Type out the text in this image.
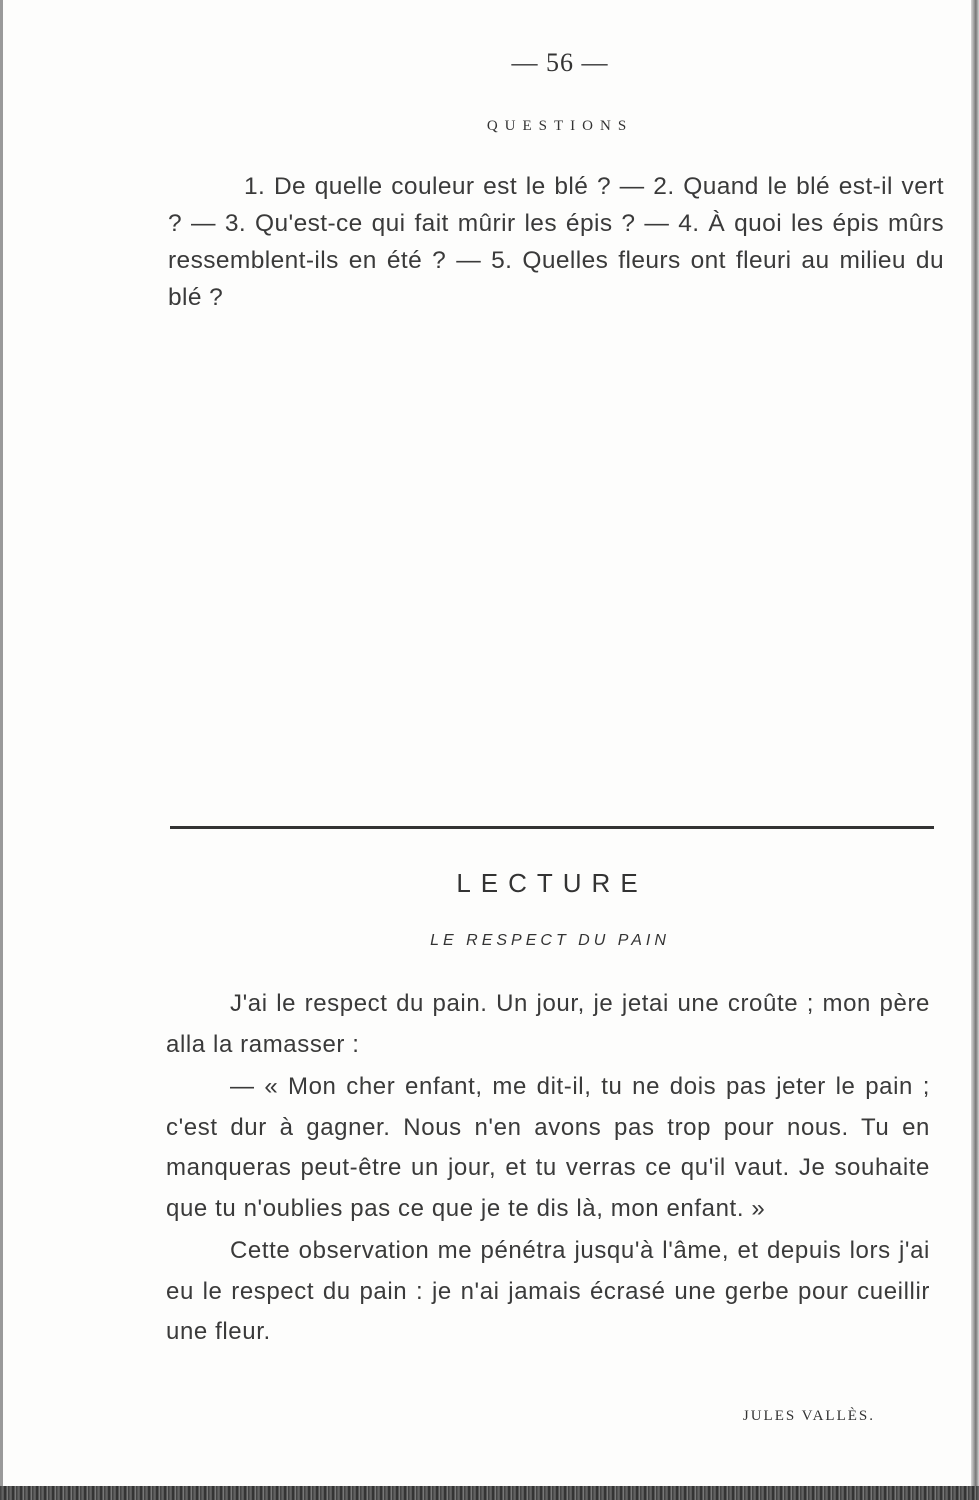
— 56 —
QUESTIONS
1. De quelle couleur est le blé ? — 2. Quand le blé est-il vert ? — 3. Qu'est-ce qui fait mûrir les épis ? — 4. À quoi les épis mûrs ressemblent-ils en été ? — 5. Quelles fleurs ont fleuri au milieu du blé ?
LECTURE
LE RESPECT DU PAIN

J'ai le respect du pain. Un jour, je jetai une croûte ; mon père alla la ramasser :

— « Mon cher enfant, me dit-il, tu ne dois pas jeter le pain ; c'est dur à gagner. Nous n'en avons pas trop pour nous. Tu en manqueras peut-être un jour, et tu verras ce qu'il vaut. Je souhaite que tu n'oublies pas ce que je te dis là, mon enfant. »

Cette observation me pénétra jusqu'à l'âme, et depuis lors j'ai eu le respect du pain : je n'ai jamais écrasé une gerbe pour cueillir une fleur.

JULES VALLÈS.
